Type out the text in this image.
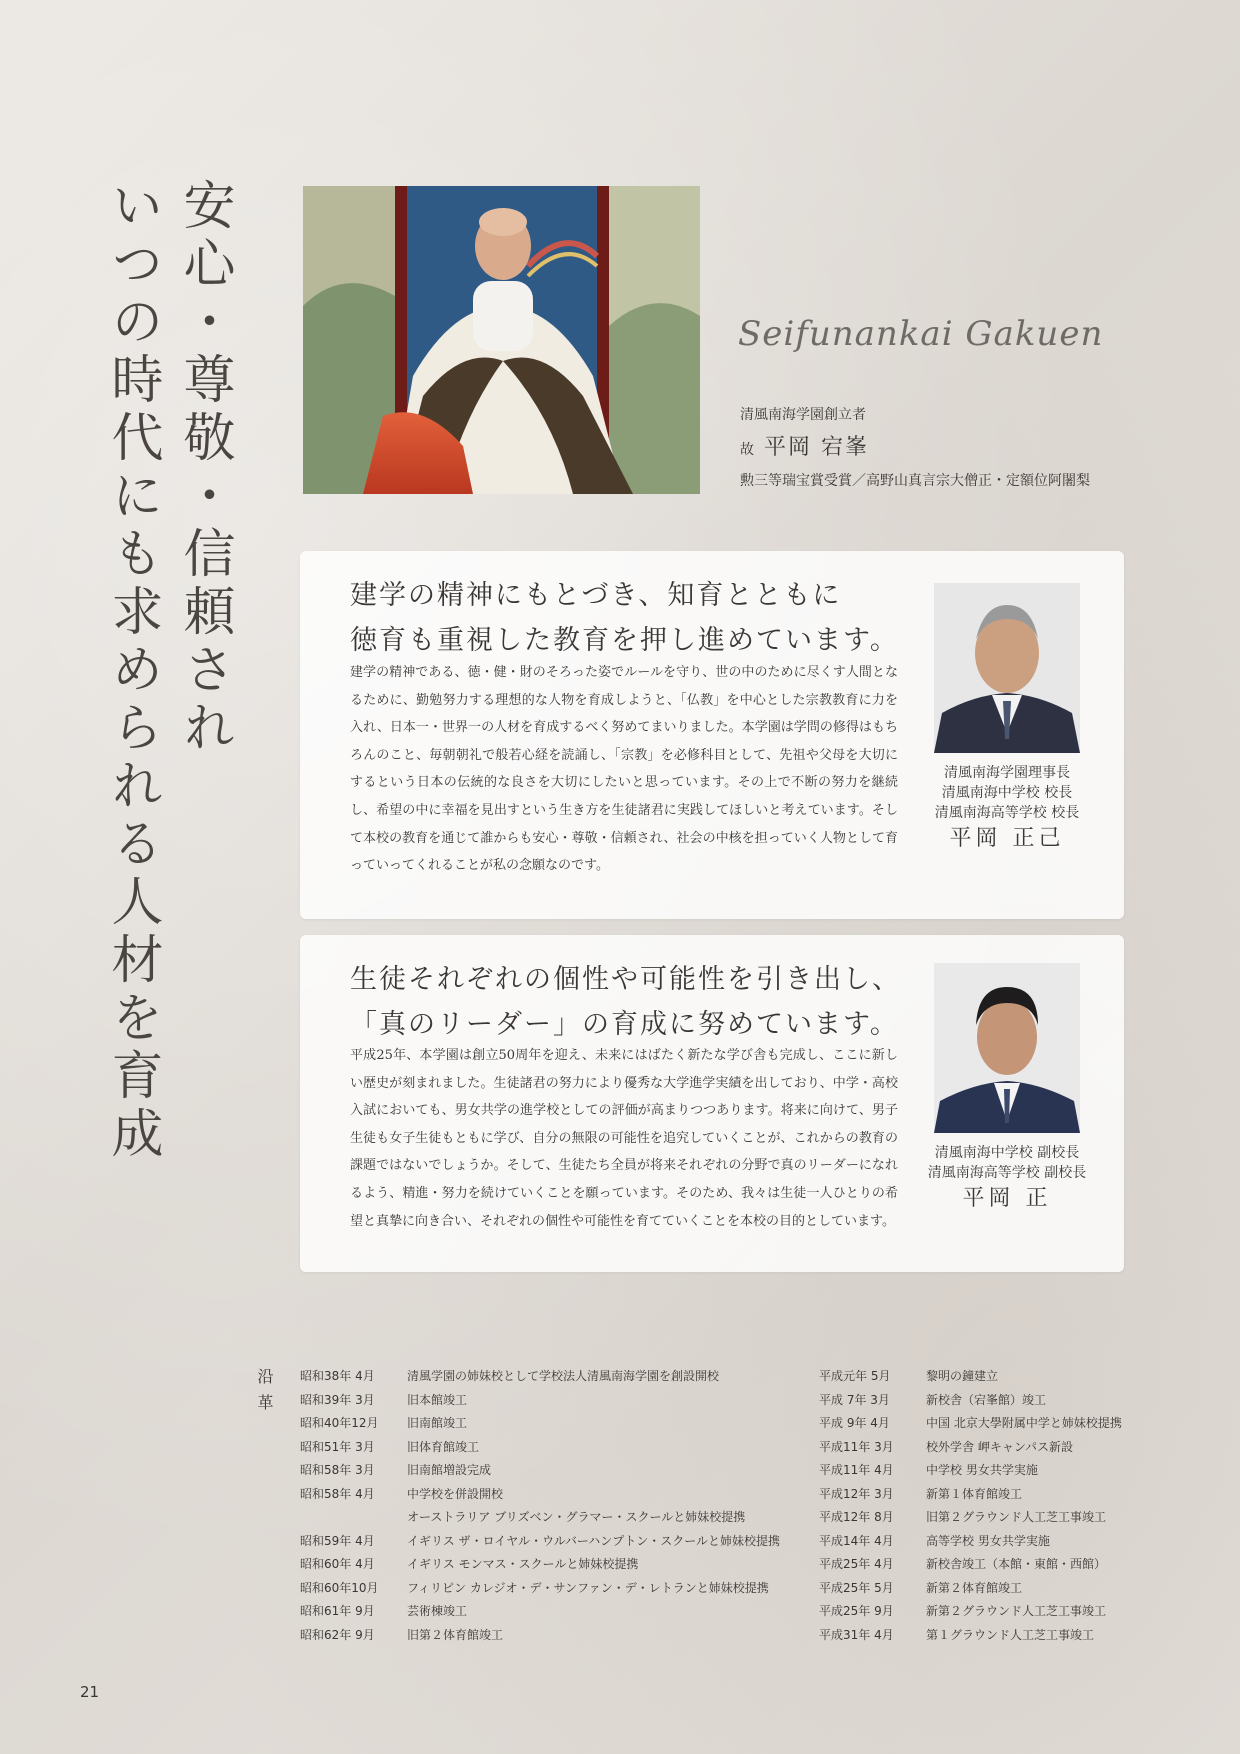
安心・尊敬・信頼され
いつの時代にも求められる人材を育成	Seifunankai Gakuen
清風南海学園創立者
故 平岡 宕峯
勲三等瑞宝賞受賞／高野山真言宗大僧正・定額位阿闍梨
建学の精神にもとづき、知育とともに
徳育も重視した教育を押し進めています。
建学の精神である、徳・健・財のそろった姿でルールを守り、世の中のために尽くす人間となるために、勤勉努力する理想的な人物を育成しようと、「仏教」を中心とした宗教教育に力を入れ、日本一・世界一の人材を育成するべく努めてまいりました。本学園は学問の修得はもちろんのこと、毎朝朝礼で般若心経を読誦し、「宗教」を必修科目として、先祖や父母を大切にするという日本の伝統的な良さを大切にしたいと思っています。その上で不断の努力を継続し、希望の中に幸福を見出すという生き方を生徒諸君に実践してほしいと考えています。そして本校の教育を通じて誰からも安心・尊敬・信頼され、社会の中核を担っていく人物として育っていってくれることが私の念願なのです。
清風南海学園理事長
清風南海中学校 校長
清風南海高等学校 校長
平岡 正己
生徒それぞれの個性や可能性を引き出し、
「真のリーダー」の育成に努めています。
平成25年、本学園は創立50周年を迎え、未来にはばたく新たな学び舎も完成し、ここに新しい歴史が刻まれました。生徒諸君の努力により優秀な大学進学実績を出しており、中学・高校入試においても、男女共学の進学校としての評価が高まりつつあります。将来に向けて、男子生徒も女子生徒もともに学び、自分の無限の可能性を追究していくことが、これからの教育の課題ではないでしょうか。そして、生徒たち全員が将来それぞれの分野で真のリーダーになれるよう、精進・努力を続けていくことを願っています。そのため、我々は生徒一人ひとりの希望と真摯に向き合い、それぞれの個性や可能性を育てていくことを本校の目的としています。
清風南海中学校 副校長
清風南海高等学校 副校長
平岡 正
沿革 昭和38年 4月	清風学園の姉妹校として学校法人清風南海学園を創設開校
昭和39年 3月	旧本館竣工
昭和40年12月	旧南館竣工
昭和51年 3月	旧体育館竣工
昭和58年 3月	旧南館増設完成
昭和58年 4月	中学校を併設開校
オーストラリア ブリズベン・グラマー・スクールと姉妹校提携
昭和59年 4月	イギリス ザ・ロイヤル・ウルバーハンプトン・スクールと姉妹校提携
昭和60年 4月	イギリス モンマス・スクールと姉妹校提携
昭和60年10月	フィリピン カレジオ・デ・サンファン・デ・レトランと姉妹校提携
昭和61年 9月	芸術棟竣工
昭和62年 9月	旧第２体育館竣工
平成元年 5月	黎明の鐘建立
平成 7年 3月	新校舎（宕峯館）竣工
平成 9年 4月	中国 北京大學附属中学と姉妹校提携
平成11年 3月	校外学舎 岬キャンパス新設
平成11年 4月	中学校 男女共学実施
平成12年 3月	新第１体育館竣工
平成12年 8月	旧第２グラウンド人工芝工事竣工
平成14年 4月	高等学校 男女共学実施
平成25年 4月	新校舎竣工（本館・東館・西館）
平成25年 5月	新第２体育館竣工
平成25年 9月	新第２グラウンド人工芝工事竣工
平成31年 4月	第１グラウンド人工芝工事竣工
21
